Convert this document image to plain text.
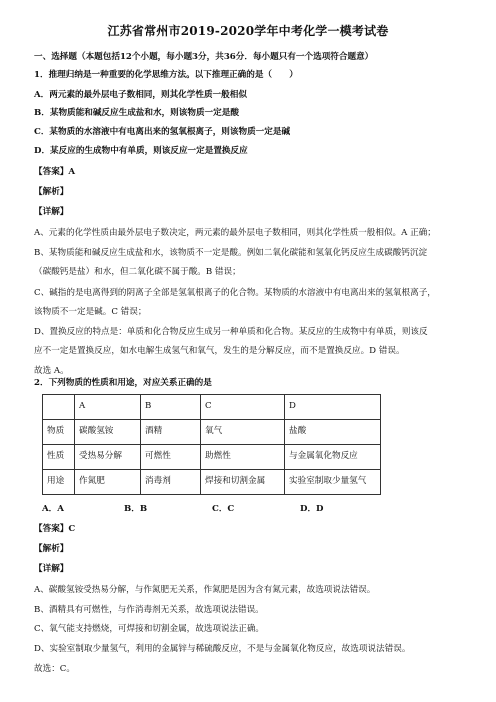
江苏省常州市2019-2020学年中考化学一模考试卷
一、选择题（本题包括12个小题，每小题3分，共36分．每小题只有一个选项符合题意）
1．推理归纳是一种重要的化学思维方法。以下推理正确的是（　　）
A．两元素的最外层电子数相同，则其化学性质一般相似
B．某物质能和碱反应生成盐和水，则该物质一定是酸
C．某物质的水溶液中有电离出来的氢氧根离子，则该物质一定是碱
D．某反应的生成物中有单质，则该反应一定是置换反应
【答案】A
【解析】
【详解】
A、元素的化学性质由最外层电子数决定，两元素的最外层电子数相同，则其化学性质一般相似。A 正确；
B、某物质能和碱反应生成盐和水，该物质不一定是酸。例如二氧化碳能和氢氧化钙反应生成碳酸钙沉淀
（碳酸钙是盐）和水，但二氧化碳不属于酸。B 错误；
C、碱指的是电离得到的阴离子全部是氢氧根离子的化合物。某物质的水溶液中有电离出来的氢氧根离子，
该物质不一定是碱。C 错误；
D、置换反应的特点是：单质和化合物反应生成另一种单质和化合物。某反应的生成物中有单质，则该反
应不一定是置换反应，如水电解生成氢气和氧气，发生的是分解反应，而不是置换反应。D 错误。
故选 A。
2．下列物质的性质和用途，对应关系正确的是
	A	B	C	D
物质	碳酸氢铵	酒精	氧气	盐酸
性质	受热易分解	可燃性	助燃性	与金属氧化物反应
用途	作氮肥	消毒剂	焊接和切割金属	实验室制取少量氢气
A．A	B．B	C．C	D．D
【答案】C
【解析】
【详解】
A、碳酸氢铵受热易分解，与作氮肥无关系，作氮肥是因为含有氮元素，故选项说法错误。
B、酒精具有可燃性，与作消毒剂无关系，故选项说法错误。
C、氧气能支持燃烧，可焊接和切割金属，故选项说法正确。
D、实验室制取少量氢气，利用的金属锌与稀硫酸反应，不是与金属氧化物反应，故选项说法错误。
故选：C。
